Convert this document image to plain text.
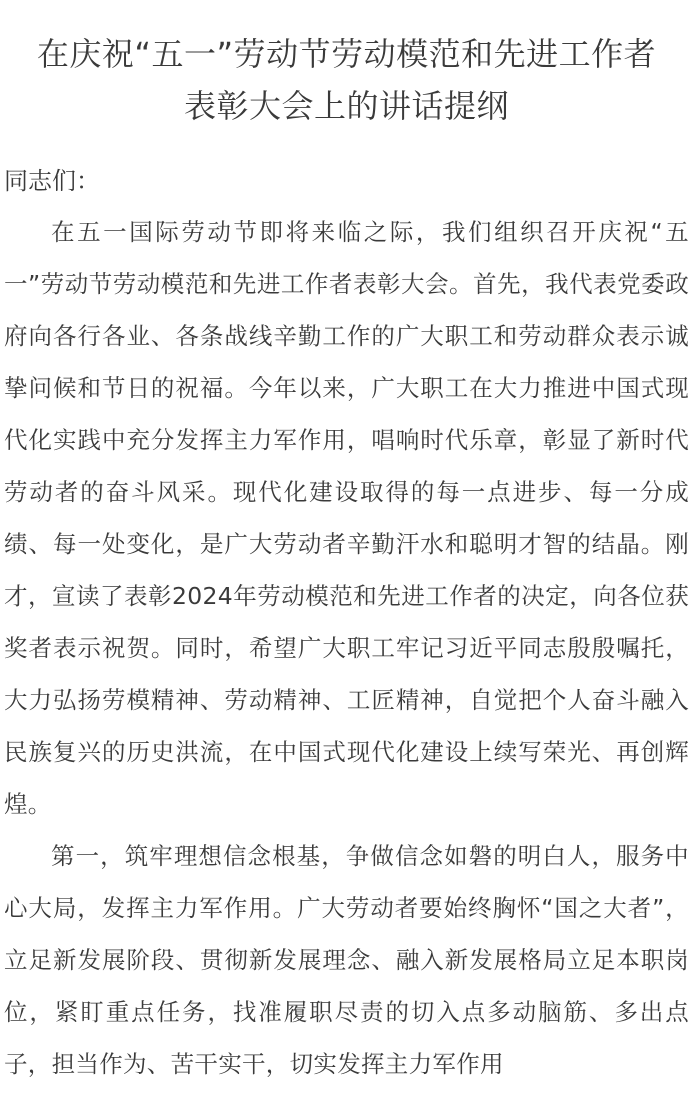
在庆祝“五一”劳动节劳动模范和先进工作者
表彰大会上的讲话提纲
同志们：

在五一国际劳动节即将来临之际，我们组织召开庆祝“五一”劳动节劳动模范和先进工作者表彰大会。首先，我代表党委政府向各行各业、各条战线辛勤工作的广大职工和劳动群众表示诚挚问候和节日的祝福。今年以来，广大职工在大力推进中国式现代化实践中充分发挥主力军作用，唱响时代乐章，彰显了新时代劳动者的奋斗风采。现代化建设取得的每一点进步、每一分成绩、每一处变化，是广大劳动者辛勤汗水和聪明才智的结晶。刚才，宣读了表彰2024年劳动模范和先进工作者的决定，向各位获奖者表示祝贺。同时，希望广大职工牢记习近平同志殷殷嘱托，大力弘扬劳模精神、劳动精神、工匠精神，自觉把个人奋斗融入民族复兴的历史洪流，在中国式现代化建设上续写荣光、再创辉煌。

第一，筑牢理想信念根基，争做信念如磐的明白人，服务中心大局，发挥主力军作用。广大劳动者要始终胸怀“国之大者”，立足新发展阶段、贯彻新发展理念、融入新发展格局立足本职岗位，紧盯重点任务，找准履职尽责的切入点多动脑筋、多出点子，担当作为、苦干实干，切实发挥主力军作用
